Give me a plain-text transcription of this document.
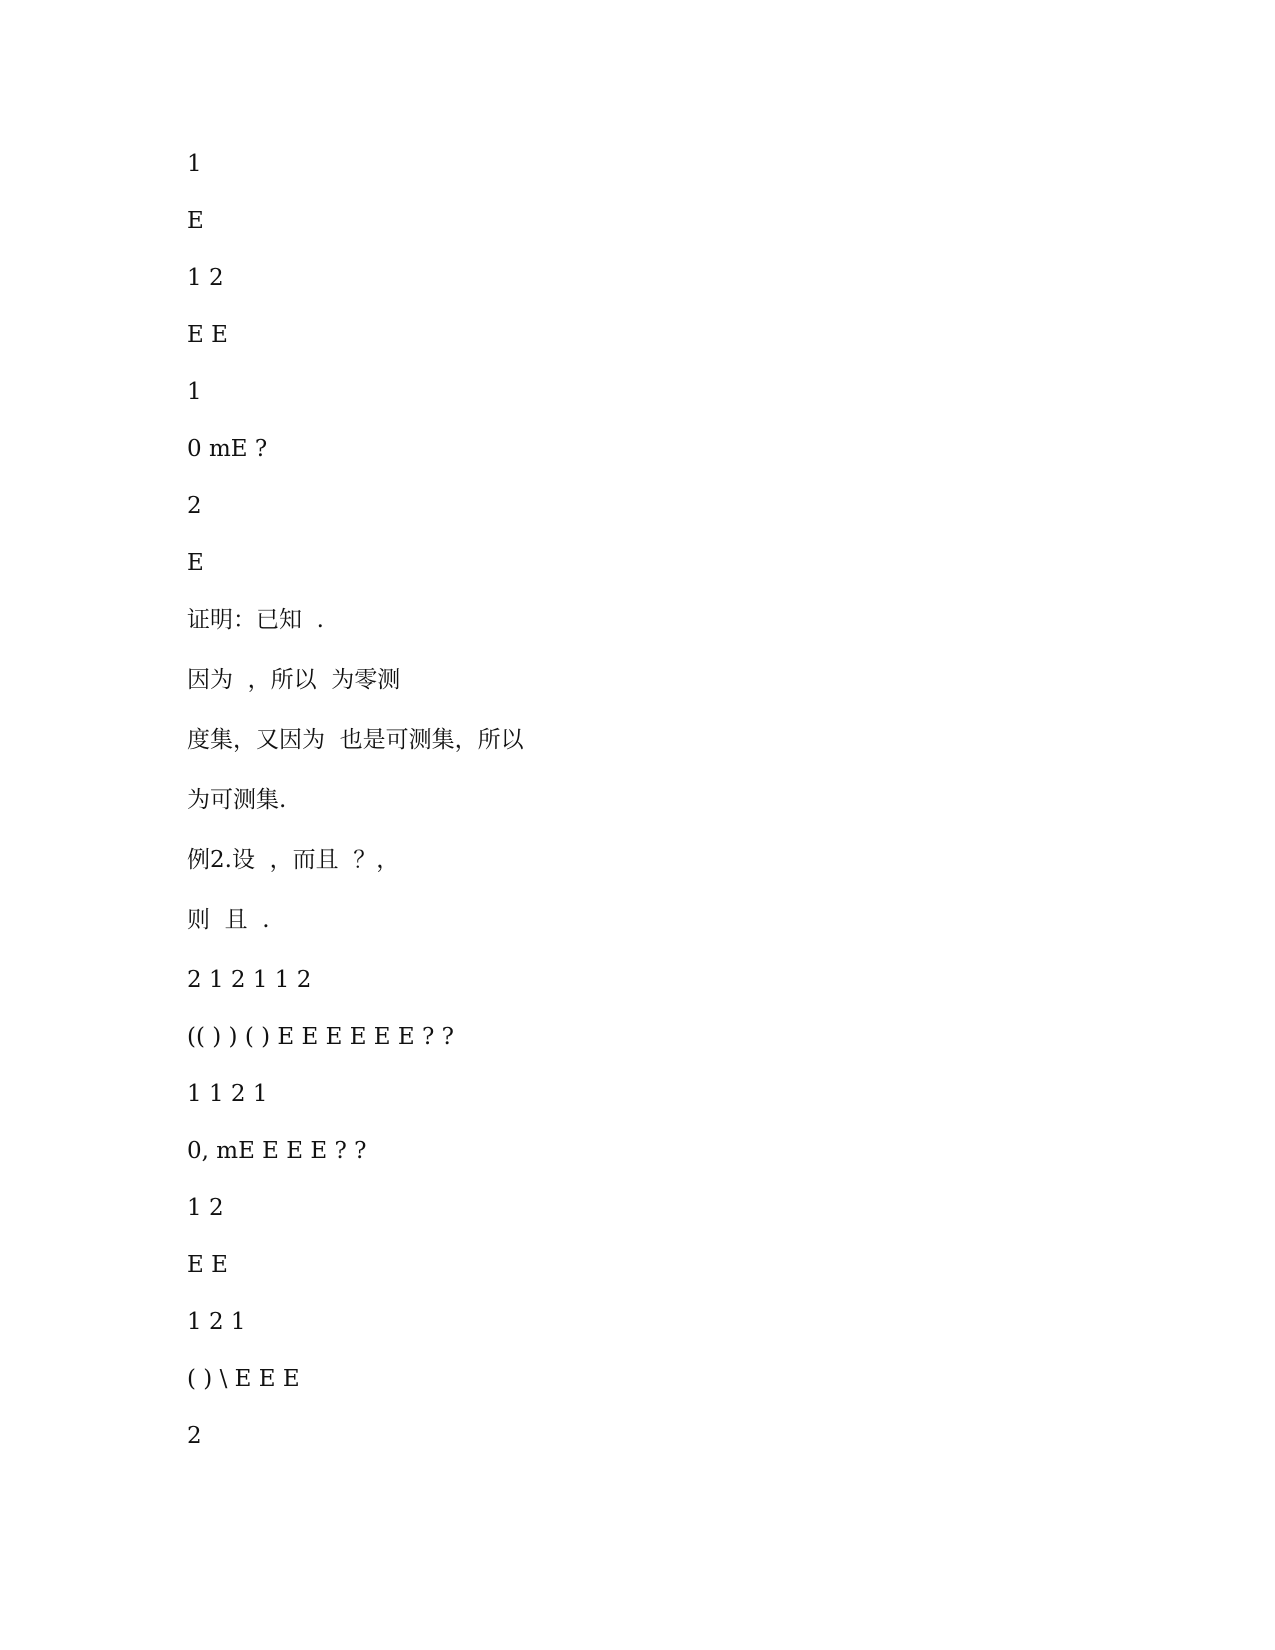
1
E
1 2
E E
1
0 mE ?
2
E
证明：已知  .
因为  ，所以  为零测
度集，又因为  也是可测集，所以
为可测集.
例2.设  ，而且  ？，
则  且  .
2 1 2 1 1 2
(( ) ) ( ) E E E E E E ? ?
1 1 2 1
0, mE E E E ? ?
1 2
E E
1 2 1
( ) \ E E E
2
